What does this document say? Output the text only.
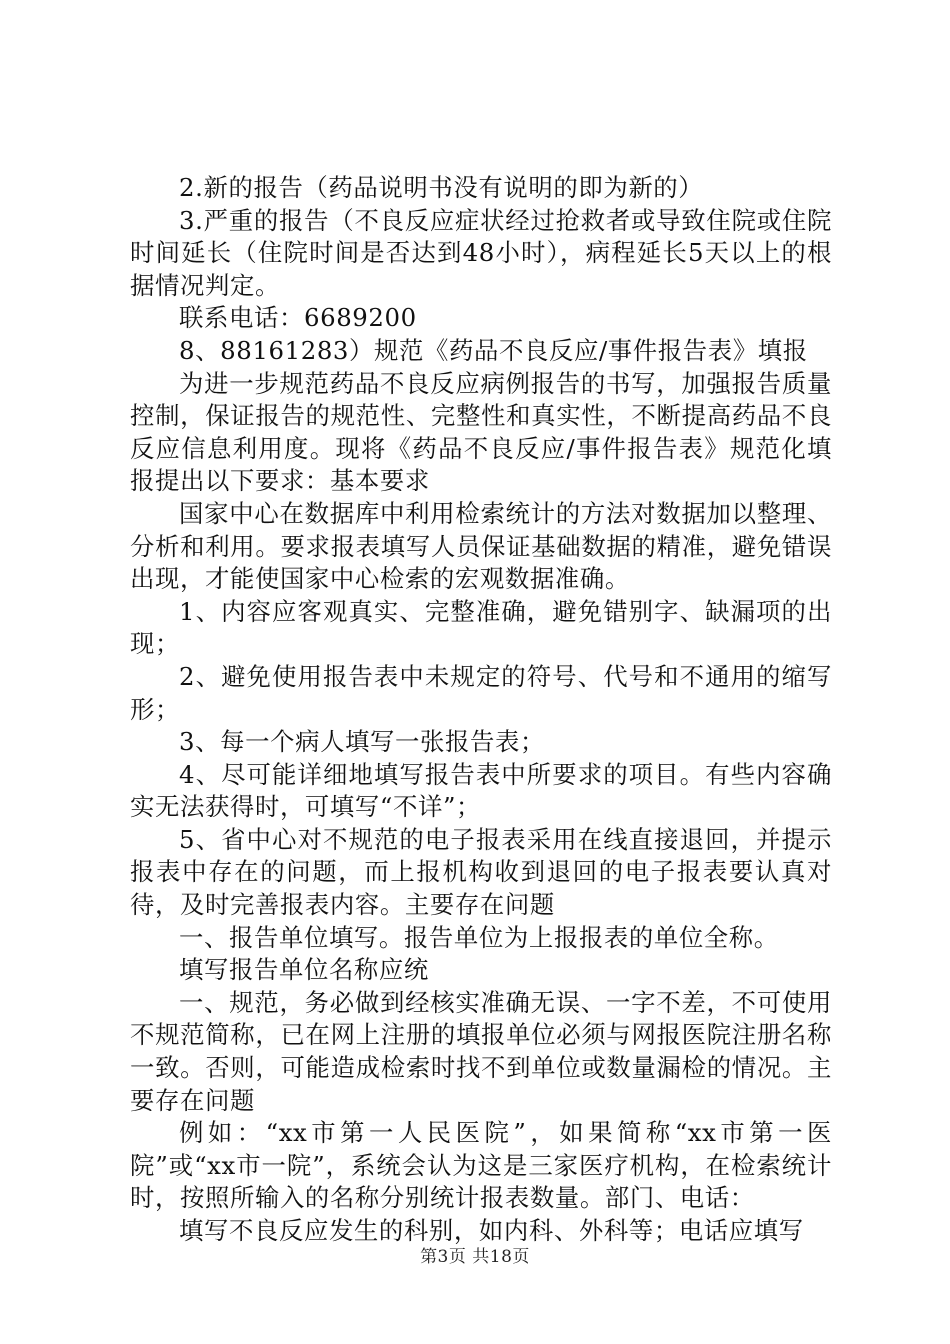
2.新的报告（药品说明书没有说明的即为新的）

3.严重的报告（不良反应症状经过抢救者或导致住院或住院时间延长（住院时间是否达到48小时），病程延长5天以上的根据情况判定。

联系电话：6689200

8、88161283）规范《药品不良反应/事件报告表》填报

为进一步规范药品不良反应病例报告的书写，加强报告质量控制，保证报告的规范性、完整性和真实性，不断提高药品不良反应信息利用度。现将《药品不良反应/事件报告表》规范化填报提出以下要求：基本要求

国家中心在数据库中利用检索统计的方法对数据加以整理、分析和利用。要求报表填写人员保证基础数据的精准，避免错误出现，才能使国家中心检索的宏观数据准确。

1、内容应客观真实、完整准确，避免错别字、缺漏项的出现；

2、避免使用报告表中未规定的符号、代号和不通用的缩写形；

3、每一个病人填写一张报告表；

4、尽可能详细地填写报告表中所要求的项目。有些内容确实无法获得时，可填写“不详”；

5、省中心对不规范的电子报表采用在线直接退回，并提示报表中存在的问题，而上报机构收到退回的电子报表要认真对待，及时完善报表内容。主要存在问题

一、报告单位填写。报告单位为上报报表的单位全称。

填写报告单位名称应统

一、规范，务必做到经核实准确无误、一字不差，不可使用不规范简称，已在网上注册的填报单位必须与网报医院注册名称一致。否则，可能造成检索时找不到单位或数量漏检的情况。主要存在问题

例如：“xx市第一人民医院”，如果简称“xx市第一医院”或“xx市一院”，系统会认为这是三家医疗机构，在检索统计时，按照所输入的名称分别统计报表数量。部门、电话：

填写不良反应发生的科别，如内科、外科等；电话应填写

第3页 共18页
